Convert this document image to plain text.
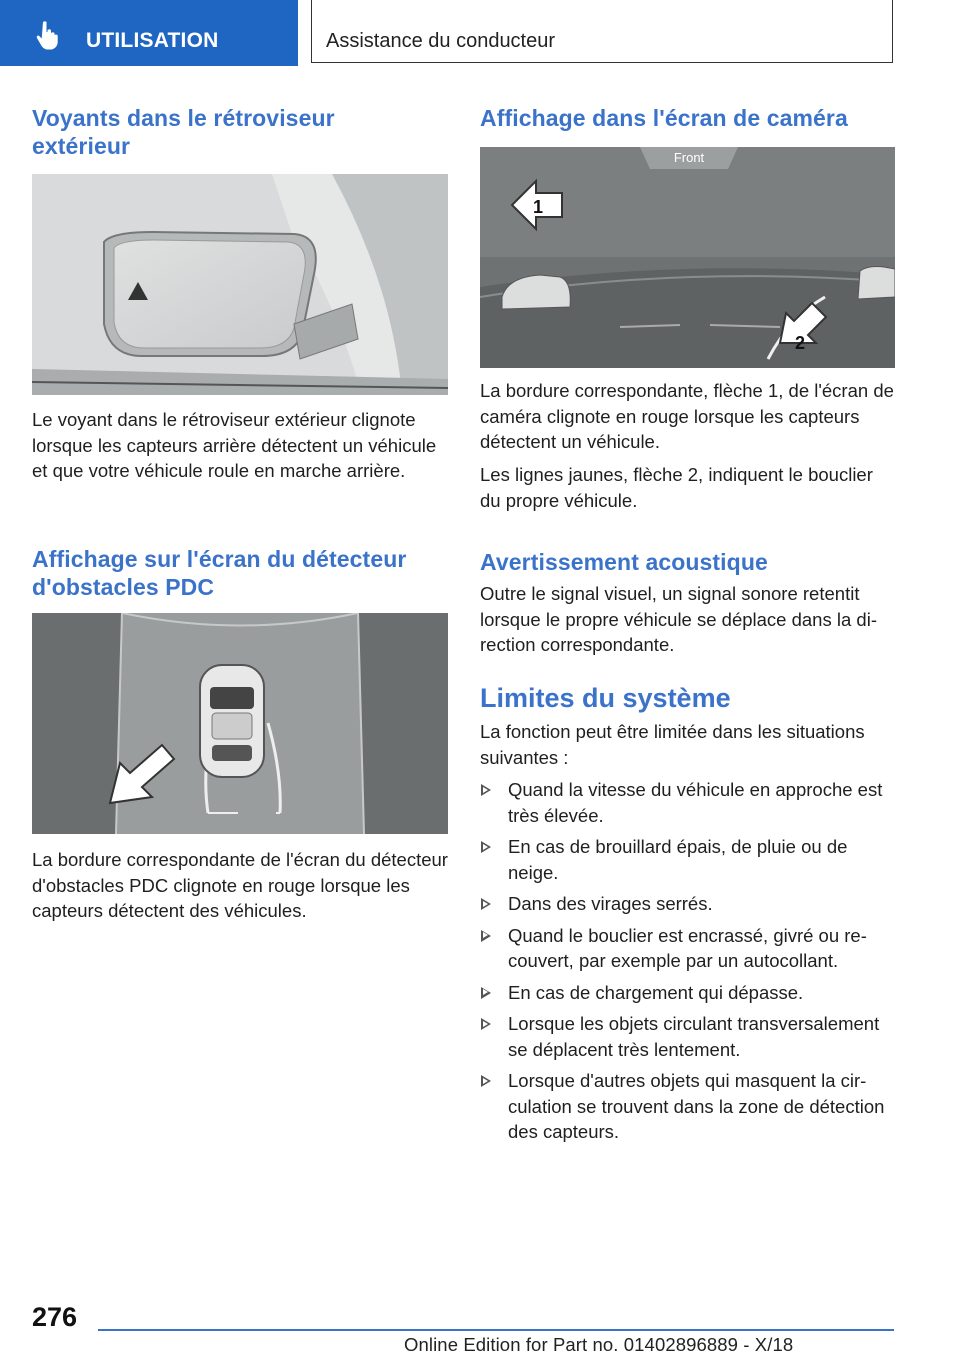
UTILISATION	Assistance du conducteur
Voyants dans le rétroviseur extérieur

Le voyant dans le rétroviseur extérieur clignote lorsque les capteurs arrière détectent un véhicule et que votre véhicule roule en marche arrière.

Affichage sur l'écran du détecteur d'obstacles PDC

La bordure correspondante de l'écran du détecteur d'obstacles PDC clignote en rouge lorsque les capteurs détectent des véhicules.

Affichage dans l'écran de caméra
Front
1
2

La bordure correspondante, flèche 1, de l'écran de caméra clignote en rouge lorsque les capteurs détectent un véhicule.

Les lignes jaunes, flèche 2, indiquent le bouclier du propre véhicule.

Avertissement acoustique

Outre le signal visuel, un signal sonore retentit lorsque le propre véhicule se déplace dans la direction correspondante.

Limites du système

La fonction peut être limitée dans les situations suivantes :

Quand la vitesse du véhicule en approche est très élevée.
En cas de brouillard épais, de pluie ou de neige.
Dans des virages serrés.
Quand le bouclier est encrassé, givré ou recouvert, par exemple par un autocollant.
En cas de chargement qui dépasse.
Lorsque les objets circulant transversalement se déplacent très lentement.
Lorsque d'autres objets qui masquent la circulation se trouvent dans la zone de détection des capteurs.
276
Online Edition for Part no. 01402896889 - X/18
